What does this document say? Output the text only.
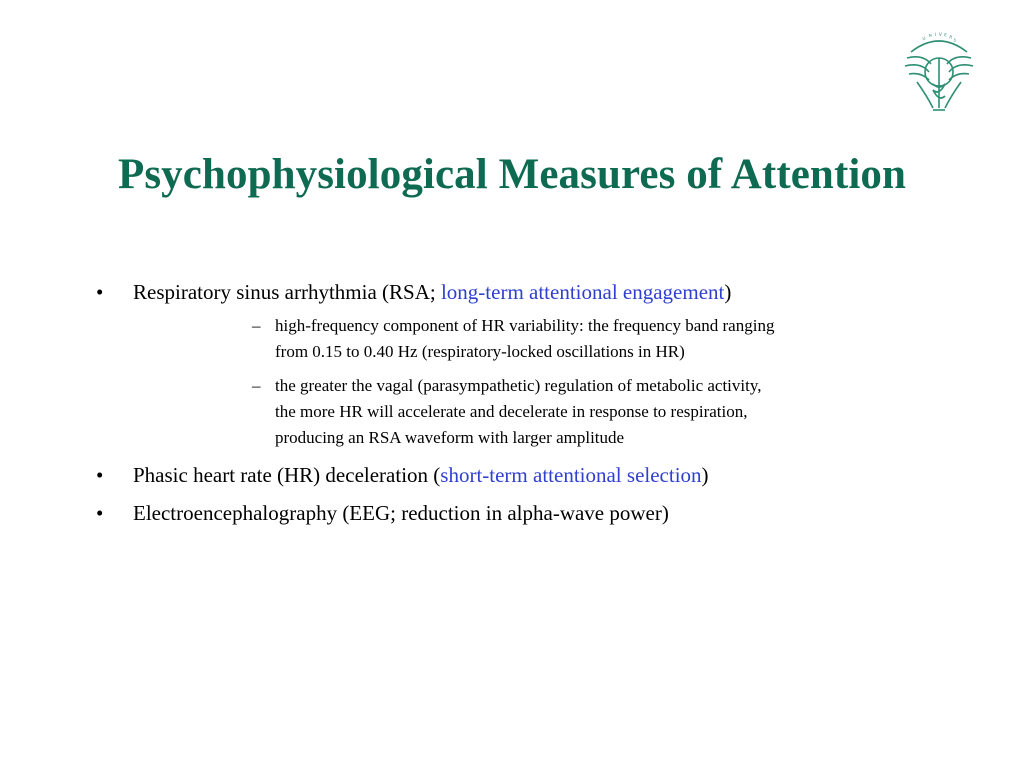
U
N I V E R
S
Psychophysiological Measures of Attention
•	Respiratory sinus arrhythmia (RSA; long-term attentional engagement)
– high-frequency component of HR variability: the frequency band ranging
from 0.15 to 0.40 Hz (respiratory-locked oscillations in HR)
– the greater the vagal (parasympathetic) regulation of metabolic activity,
the more HR will accelerate and decelerate in response to respiration,
producing an RSA waveform with larger amplitude
•	Phasic heart rate (HR) deceleration (short-term attentional selection)
•	Electroencephalography (EEG; reduction in alpha-wave power)
